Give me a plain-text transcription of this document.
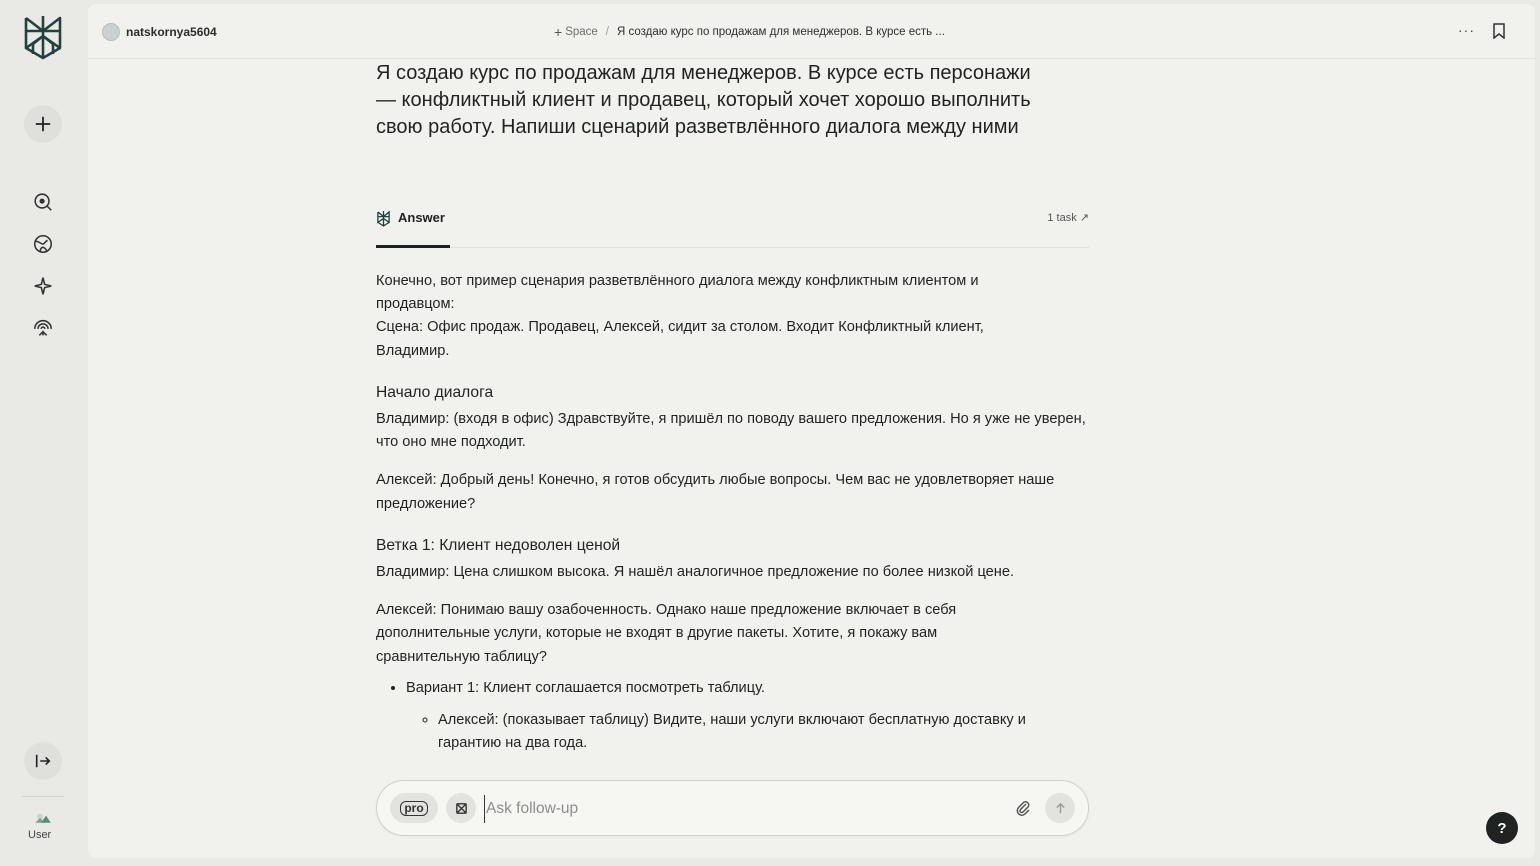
User
natskornya5604	+ Space / Я создаю курс по продажам для менеджеров. В курсе есть ...	···

Я создаю курс по продажам для менеджеров. В курсе есть персонажи — конфликтный клиент и продавец, который хочет хорошо выполнить свою работу. Напиши сценарий разветвлённого диалога между ними

Answer	1 task ↗

Конечно, вот пример сценария разветвлённого диалога между конфликтным клиентом и продавцом:

Сцена: Офис продаж. Продавец, Алексей, сидит за столом. Входит Конфликтный клиент, Владимир.

Начало диалога

Владимир: (входя в офис) Здравствуйте, я пришёл по поводу вашего предложения. Но я уже не уверен, что оно мне подходит.

Алексей: Добрый день! Конечно, я готов обсудить любые вопросы. Чем вас не удовлетворяет наше предложение?

Ветка 1: Клиент недоволен ценой

Владимир: Цена слишком высока. Я нашёл аналогичное предложение по более низкой цене.

Алексей: Понимаю вашу озабоченность. Однако наше предложение включает в себя дополнительные услуги, которые не входят в другие пакеты. Хотите, я покажу вам сравнительную таблицу?

• Вариант 1: Клиент соглашается посмотреть таблицу.
◦ Алексей: (показывает таблицу) Видите, наши услуги включают бесплатную доставку и гарантию на два года.
pro
Ask follow-up
?
